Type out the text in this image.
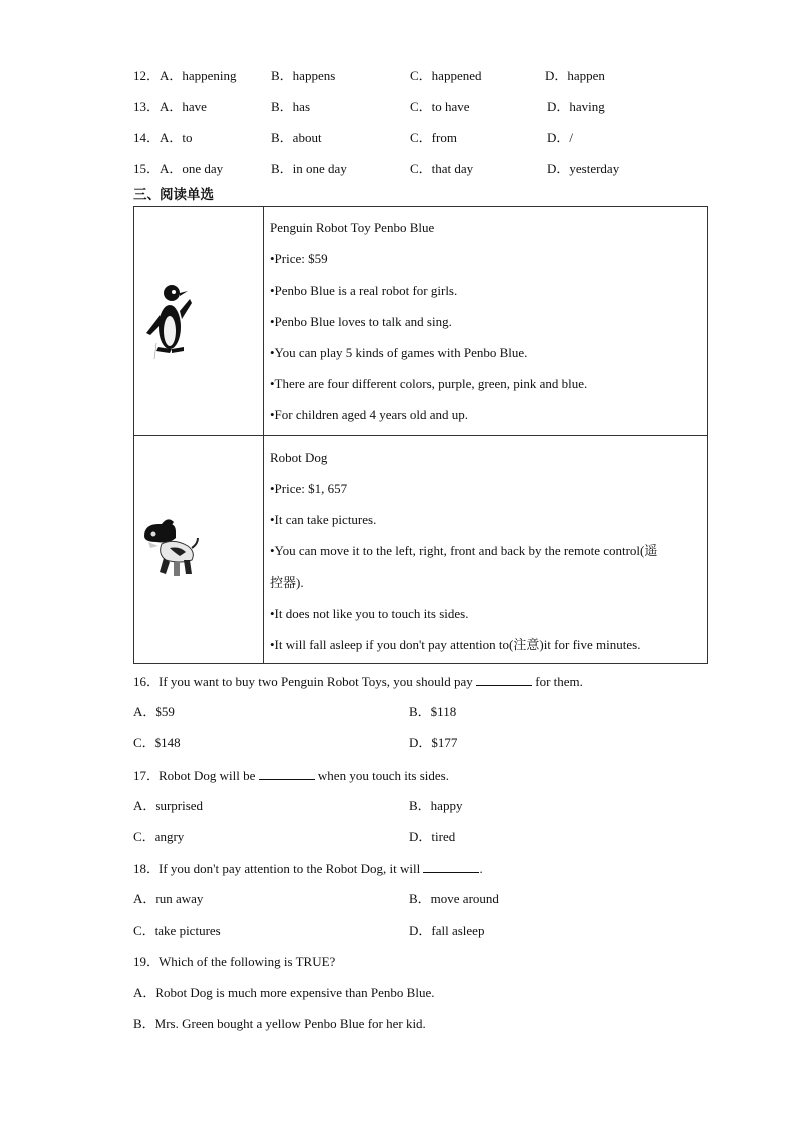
12． A．happening	B．happens	C．happened	D．happen
13． A．have	B．has	C．to have	D．having
14． A．to	B．about	C．from	D．/
15． A．one day	B．in one day	C．that day	D．yesterday
三、阅读单选
Penguin Robot Toy Penbo Blue
•Price: $59
•Penbo Blue is a real robot for girls.
•Penbo Blue loves to talk and sing.
•You can play 5 kinds of games with Penbo Blue.
•There are four different colors, purple, green, pink and blue.
•For children aged 4 years old and up.
Robot Dog
•Price: $1, 657
•It can take pictures.
•You can move it to the left, right, front and back by the remote control(遥
控器).
•It does not like you to touch its sides.
•It will fall asleep if you don't pay attention to(注意)it for five minutes.
16．If you want to buy two Penguin Robot Toys, you should pay	for them.
A．$59	B．$118
C．$148	D．$177
17．Robot Dog will be	when you touch its sides.
A．surprised	B．happy
C．angry	D．tired
18．If you don't pay attention to the Robot Dog, it will	.
A．run away	B．move around
C．take pictures	D．fall asleep
19．Which of the following is TRUE?
A．Robot Dog is much more expensive than Penbo Blue.
B．Mrs. Green bought a yellow Penbo Blue for her kid.
